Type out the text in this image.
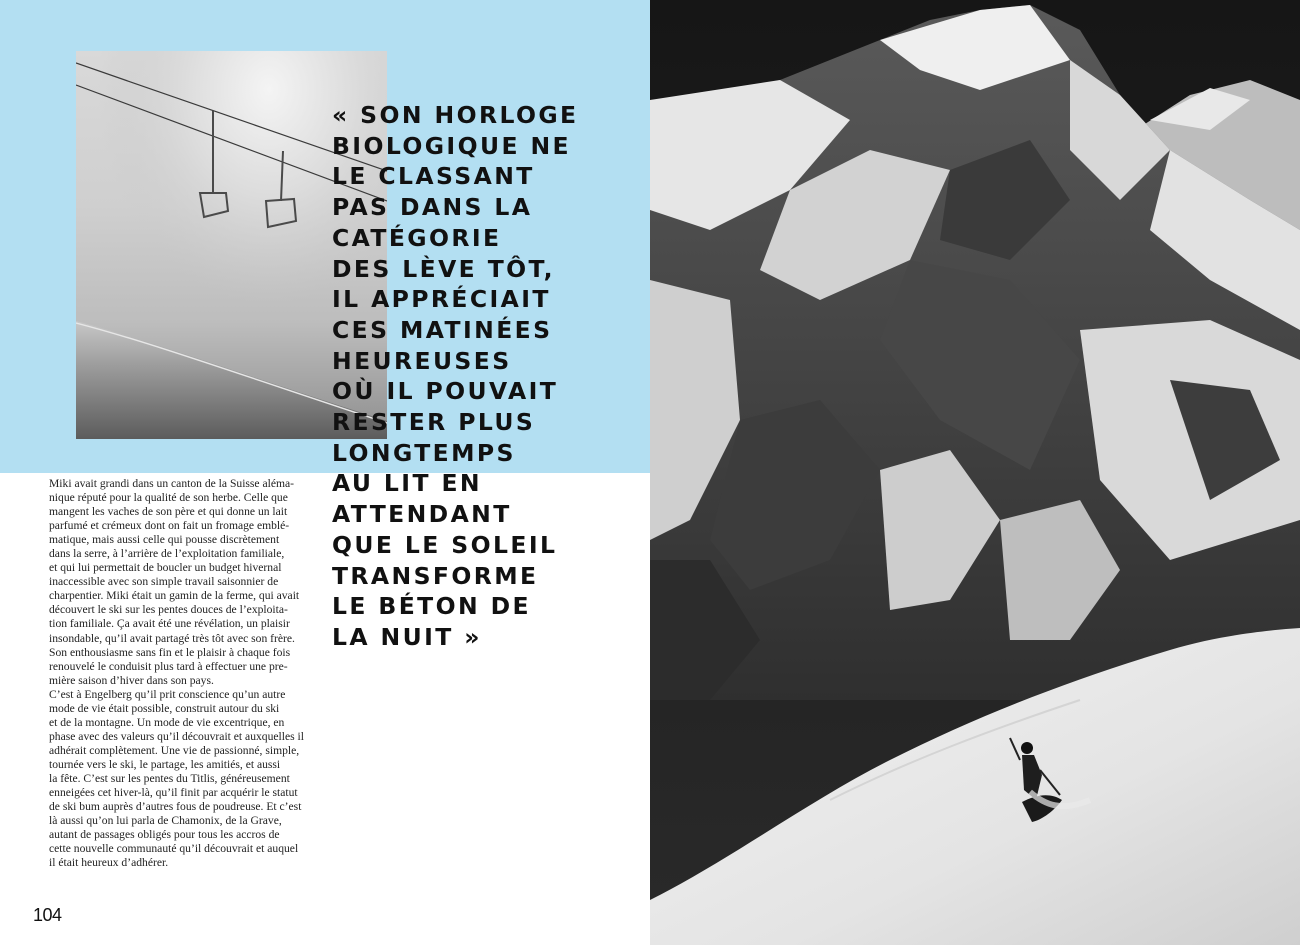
« SON HORLOGE
BIOLOGIQUE NE
LE CLASSANT
PAS DANS LA
CATÉGORIE
DES LÈVE TÔT,
IL APPRÉCIAIT
CES MATINÉES
HEUREUSES
OÙ IL POUVAIT
RESTER PLUS
LONGTEMPS
AU LIT EN
ATTENDANT
QUE LE SOLEIL
TRANSFORME
LE BÉTON DE
LA NUIT »

Miki avait grandi dans un canton de la Suisse alémа-
nique réputé pour la qualité de son herbe. Celle que
mangent les vaches de son père et qui donne un lait
parfumé et crémeux dont on fait un fromage emblé-
matique, mais aussi celle qui pousse discrètement
dans la serre, à l’arrière de l’exploitation familiale,
et qui lui permettait de boucler un budget hivernal
inaccessible avec son simple travail saisonnier de
charpentier. Miki était un gamin de la ferme, qui avait
découvert le ski sur les pentes douces de l’exploita-
tion familiale. Ça avait été une révélation, un plaisir
insondable, qu’il avait partagé très tôt avec son frère.
Son enthousiasme sans fin et le plaisir à chaque fois
renouvelé le conduisit plus tard à effectuer une pre-
mière saison d’hiver dans son pays.
C’est à Engelberg qu’il prit conscience qu’un autre
mode de vie était possible, construit autour du ski
et de la montagne. Un mode de vie excentrique, en
phase avec des valeurs qu’il découvrait et auxquelles il
adhérait complètement. Une vie de passionné, simple,
tournée vers le ski, le partage, les amitiés, et aussi
la fête. C’est sur les pentes du Titlis, généreusement
enneigées cet hiver-là, qu’il finit par acquérir le statut
de ski bum auprès d’autres fous de poudreuse. Et c’est
là aussi qu’on lui parla de Chamonix, de la Grave,
autant de passages obligés pour tous les accros de
cette nouvelle communauté qu’il découvrait et auquel
il était heureux d’adhérer.
104
